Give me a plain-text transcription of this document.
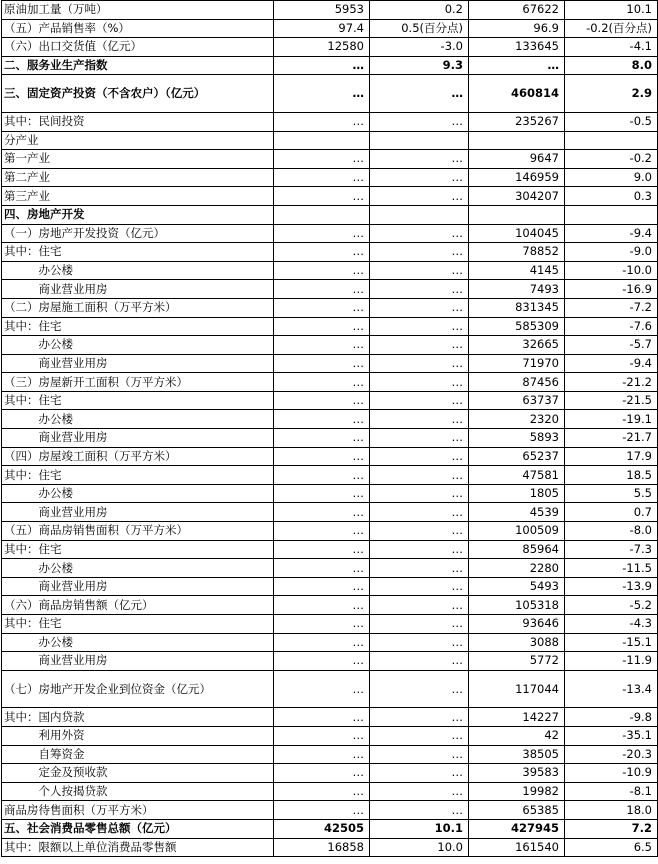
原油加工量（万吨）	5953	0.2	67622	10.1
（五）产品销售率（%）	97.4	0.5(百分点)	96.9	-0.2(百分点)
（六）出口交货值（亿元）	12580	-3.0	133645	-4.1
二、服务业生产指数	…	9.3	…	8.0
三、固定资产投资（不含农户）（亿元）	…	…	460814	2.9
其中：民间投资	…	…	235267	-0.5
分产业				
第一产业	…	…	9647	-0.2
第二产业	…	…	146959	9.0
第三产业	…	…	304207	0.3
四、房地产开发				
（一）房地产开发投资（亿元）	…	…	104045	-9.4
其中：住宅	…	…	78852	-9.0
　　　办公楼	…	…	4145	-10.0
　　　商业营业用房	…	…	7493	-16.9
（二）房屋施工面积（万平方米）	…	…	831345	-7.2
其中：住宅	…	…	585309	-7.6
　　　办公楼	…	…	32665	-5.7
　　　商业营业用房	…	…	71970	-9.4
（三）房屋新开工面积（万平方米）	…	…	87456	-21.2
其中：住宅	…	…	63737	-21.5
　　　办公楼	…	…	2320	-19.1
　　　商业营业用房	…	…	5893	-21.7
（四）房屋竣工面积（万平方米）	…	…	65237	17.9
其中：住宅	…	…	47581	18.5
　　　办公楼	…	…	1805	5.5
　　　商业营业用房	…	…	4539	0.7
（五）商品房销售面积（万平方米）	…	…	100509	-8.0
其中：住宅	…	…	85964	-7.3
　　　办公楼	…	…	2280	-11.5
　　　商业营业用房	…	…	5493	-13.9
（六）商品房销售额（亿元）	…	…	105318	-5.2
其中：住宅	…	…	93646	-4.3
　　　办公楼	…	…	3088	-15.1
　　　商业营业用房	…	…	5772	-11.9
（七）房地产开发企业到位资金（亿元）	…	…	117044	-13.4
其中：国内贷款	…	…	14227	-9.8
　　　利用外资	…	…	42	-35.1
　　　自筹资金	…	…	38505	-20.3
　　　定金及预收款	…	…	39583	-10.9
　　　个人按揭贷款	…	…	19982	-8.1
商品房待售面积（万平方米）	…	…	65385	18.0
五、社会消费品零售总额（亿元）	42505	10.1	427945	7.2
其中：限额以上单位消费品零售额	16858	10.0	161540	6.5
